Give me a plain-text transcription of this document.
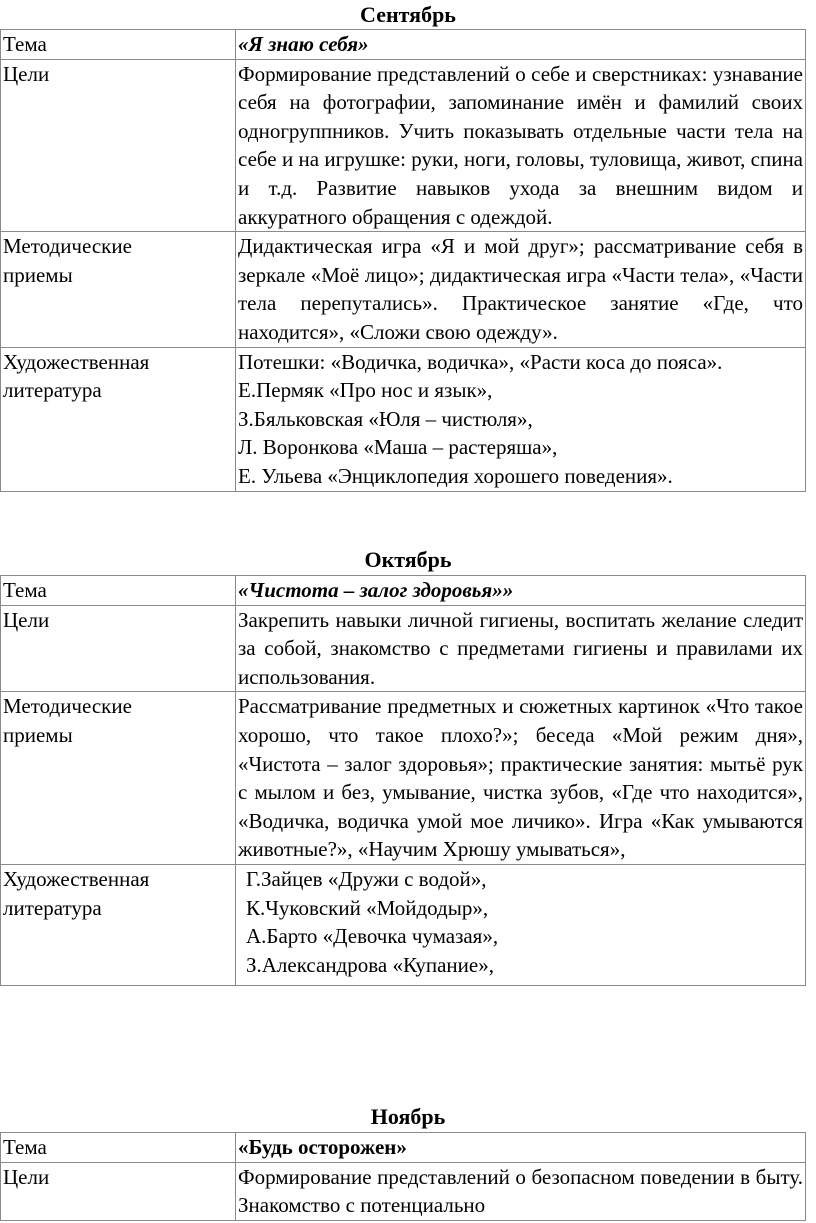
Сентябрь
Тема	«Я знаю себя»
Цели	Формирование представлений о себе и сверстниках: узнавание себя на фотографии, запоминание имён и фамилий своих одногруппников. Учить показывать отдельные части тела на себе и на игрушке: руки, ноги, головы, туловища, живот, спина и т.д. Развитие навыков ухода за внешним видом и аккуратного обращения с одеждой.

Методические
приемы	Дидактическая игра «Я и мой друг»; рассматривание себя в зеркале «Моё лицо»; дидактическая игра «Части тела», «Части тела перепутались». Практическое занятие «Где, что находится», «Сложи свою одежду».

Художественная
литература	Потешки: «Водичка, водичка», «Расти коса до пояса».
Е.Пермяк «Про нос и язык»,
З.Бяльковская «Юля – чистюля»,
Л. Воронкова «Маша – растеряша»,
Е. Ульева «Энциклопедия хорошего поведения».
Октябрь
Тема	«Чистота – залог здоровья»»
Цели	Закрепить навыки личной гигиены, воспитать желание следит за собой, знакомство с предметами гигиены и правилами их использования.

Методические
приемы	Рассматривание предметных и сюжетных картинок «Что такое хорошо, что такое плохо?»; беседа «Мой режим дня», «Чистота – залог здоровья»; практические занятия: мытьё рук с мылом и без, умывание, чистка зубов, «Где что находится», «Водичка, водичка умой мое личико». Игра «Как умываются животные?», «Научим Хрюшу умываться»,

Художественная
литература	Г.Зайцев «Дружи с водой»,
К.Чуковский «Мойдодыр»,
А.Барто «Девочка чумазая»,
З.Александрова «Купание»,
Ноябрь
Тема	«Будь осторожен»
Цели	Формирование представлений о безопасном поведении в быту. Знакомство с потенциально
